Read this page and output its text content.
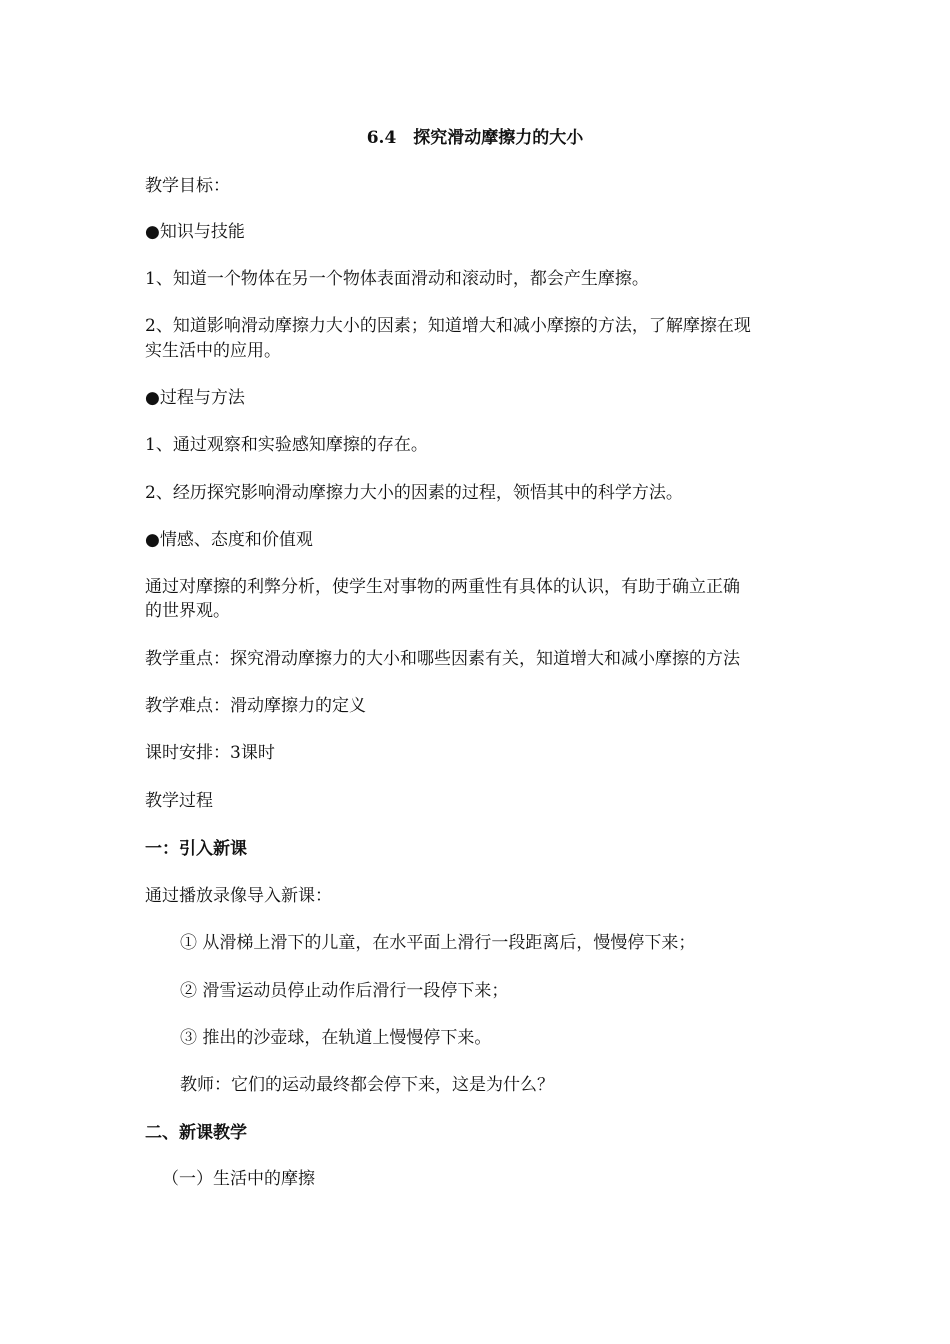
6.4　探究滑动摩擦力的大小

教学目标：

●知识与技能

1、知道一个物体在另一个物体表面滑动和滚动时，都会产生摩擦。

2、知道影响滑动摩擦力大小的因素；知道增大和减小摩擦的方法，了解摩擦在现

实生活中的应用。

●过程与方法

1、通过观察和实验感知摩擦的存在。

2、经历探究影响滑动摩擦力大小的因素的过程，领悟其中的科学方法。

●情感、态度和价值观

通过对摩擦的利弊分析，使学生对事物的两重性有具体的认识，有助于确立正确

的世界观。

教学重点：探究滑动摩擦力的大小和哪些因素有关，知道增大和减小摩擦的方法

教学难点：滑动摩擦力的定义

课时安排：3课时

教学过程

一：引入新课

通过播放录像导入新课：

① 从滑梯上滑下的儿童，在水平面上滑行一段距离后，慢慢停下来；

② 滑雪运动员停止动作后滑行一段停下来；

③ 推出的沙壶球，在轨道上慢慢停下来。

教师：它们的运动最终都会停下来，这是为什么？

二、新课教学

（一）生活中的摩擦
